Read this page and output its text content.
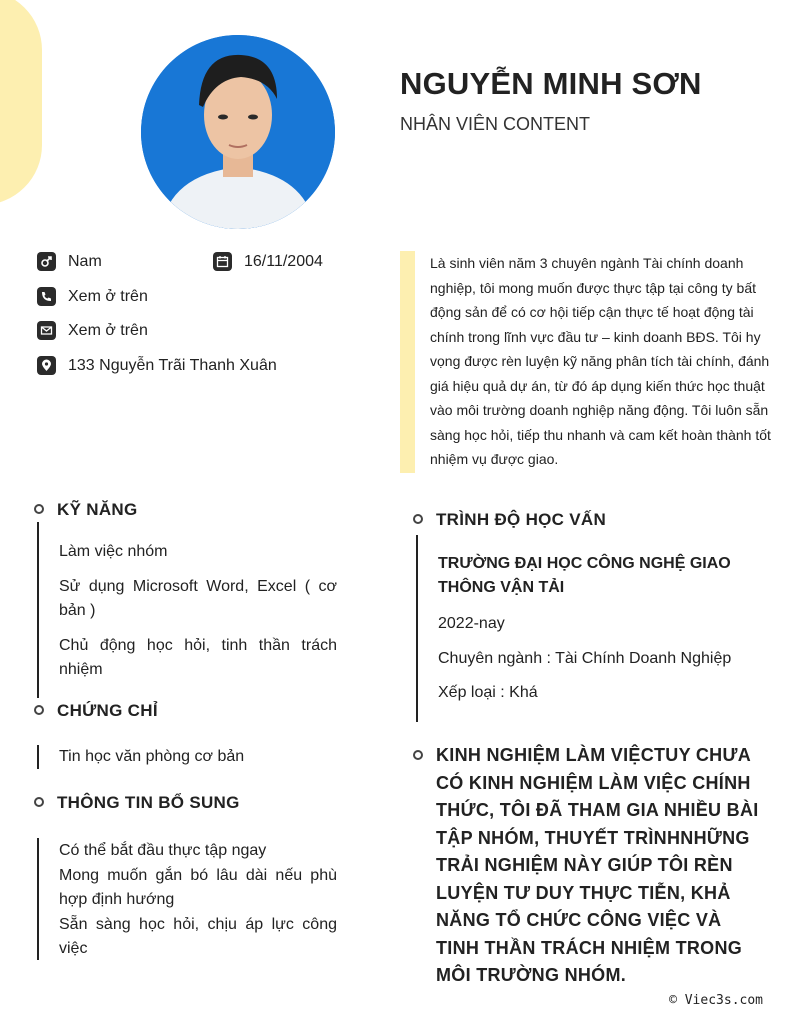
NGUYỄN MINH SƠN
NHÂN VIÊN CONTENT
Nam	16/11/2004
Xem ở trên
Xem ở trên
133 Nguyễn Trãi Thanh Xuân

Là sinh viên năm 3 chuyên ngành Tài chính doanh nghiệp, tôi mong muốn được thực tập tại công ty bất động sản để có cơ hội tiếp cận thực tế hoạt động tài chính trong lĩnh vực đầu tư – kinh doanh BĐS. Tôi hy vọng được rèn luyện kỹ năng phân tích tài chính, đánh giá hiệu quả dự án, từ đó áp dụng kiến thức học thuật vào môi trường doanh nghiệp năng động. Tôi luôn sẵn sàng học hỏi, tiếp thu nhanh và cam kết hoàn thành tốt nhiệm vụ được giao.

KỸ NĂNG
Làm việc nhóm
Sử dụng Microsoft Word, Excel ( cơ bản )
Chủ động học hỏi, tinh thần trách nhiệm
CHỨNG CHỈ
Tin học văn phòng cơ bản
THÔNG TIN BỔ SUNG
Có thể bắt đầu thực tập ngay
Mong muốn gắn bó lâu dài nếu phù hợp định hướng
Sẵn sàng học hỏi, chịu áp lực công việc
TRÌNH ĐỘ HỌC VẤN

TRƯỜNG ĐẠI HỌC CÔNG NGHỆ GIAO THÔNG VẬN TẢI

2022-nay
Chuyên ngành : Tài Chính Doanh Nghiệp
Xếp loại : Khá
KINH NGHIỆM LÀM VIỆCTUY CHƯA CÓ KINH NGHIỆM LÀM VIỆC CHÍNH THỨC, TÔI ĐÃ THAM GIA NHIỀU BÀI TẬP NHÓM, THUYẾT TRÌNHNHỮNG TRẢI NGHIỆM NÀY GIÚP TÔI RÈN LUYỆN TƯ DUY THỰC TIỄN, KHẢ NĂNG TỔ CHỨC CÔNG VIỆC VÀ TINH THẦN TRÁCH NHIỆM TRONG MÔI TRƯỜNG NHÓM.
© Viec3s.com
